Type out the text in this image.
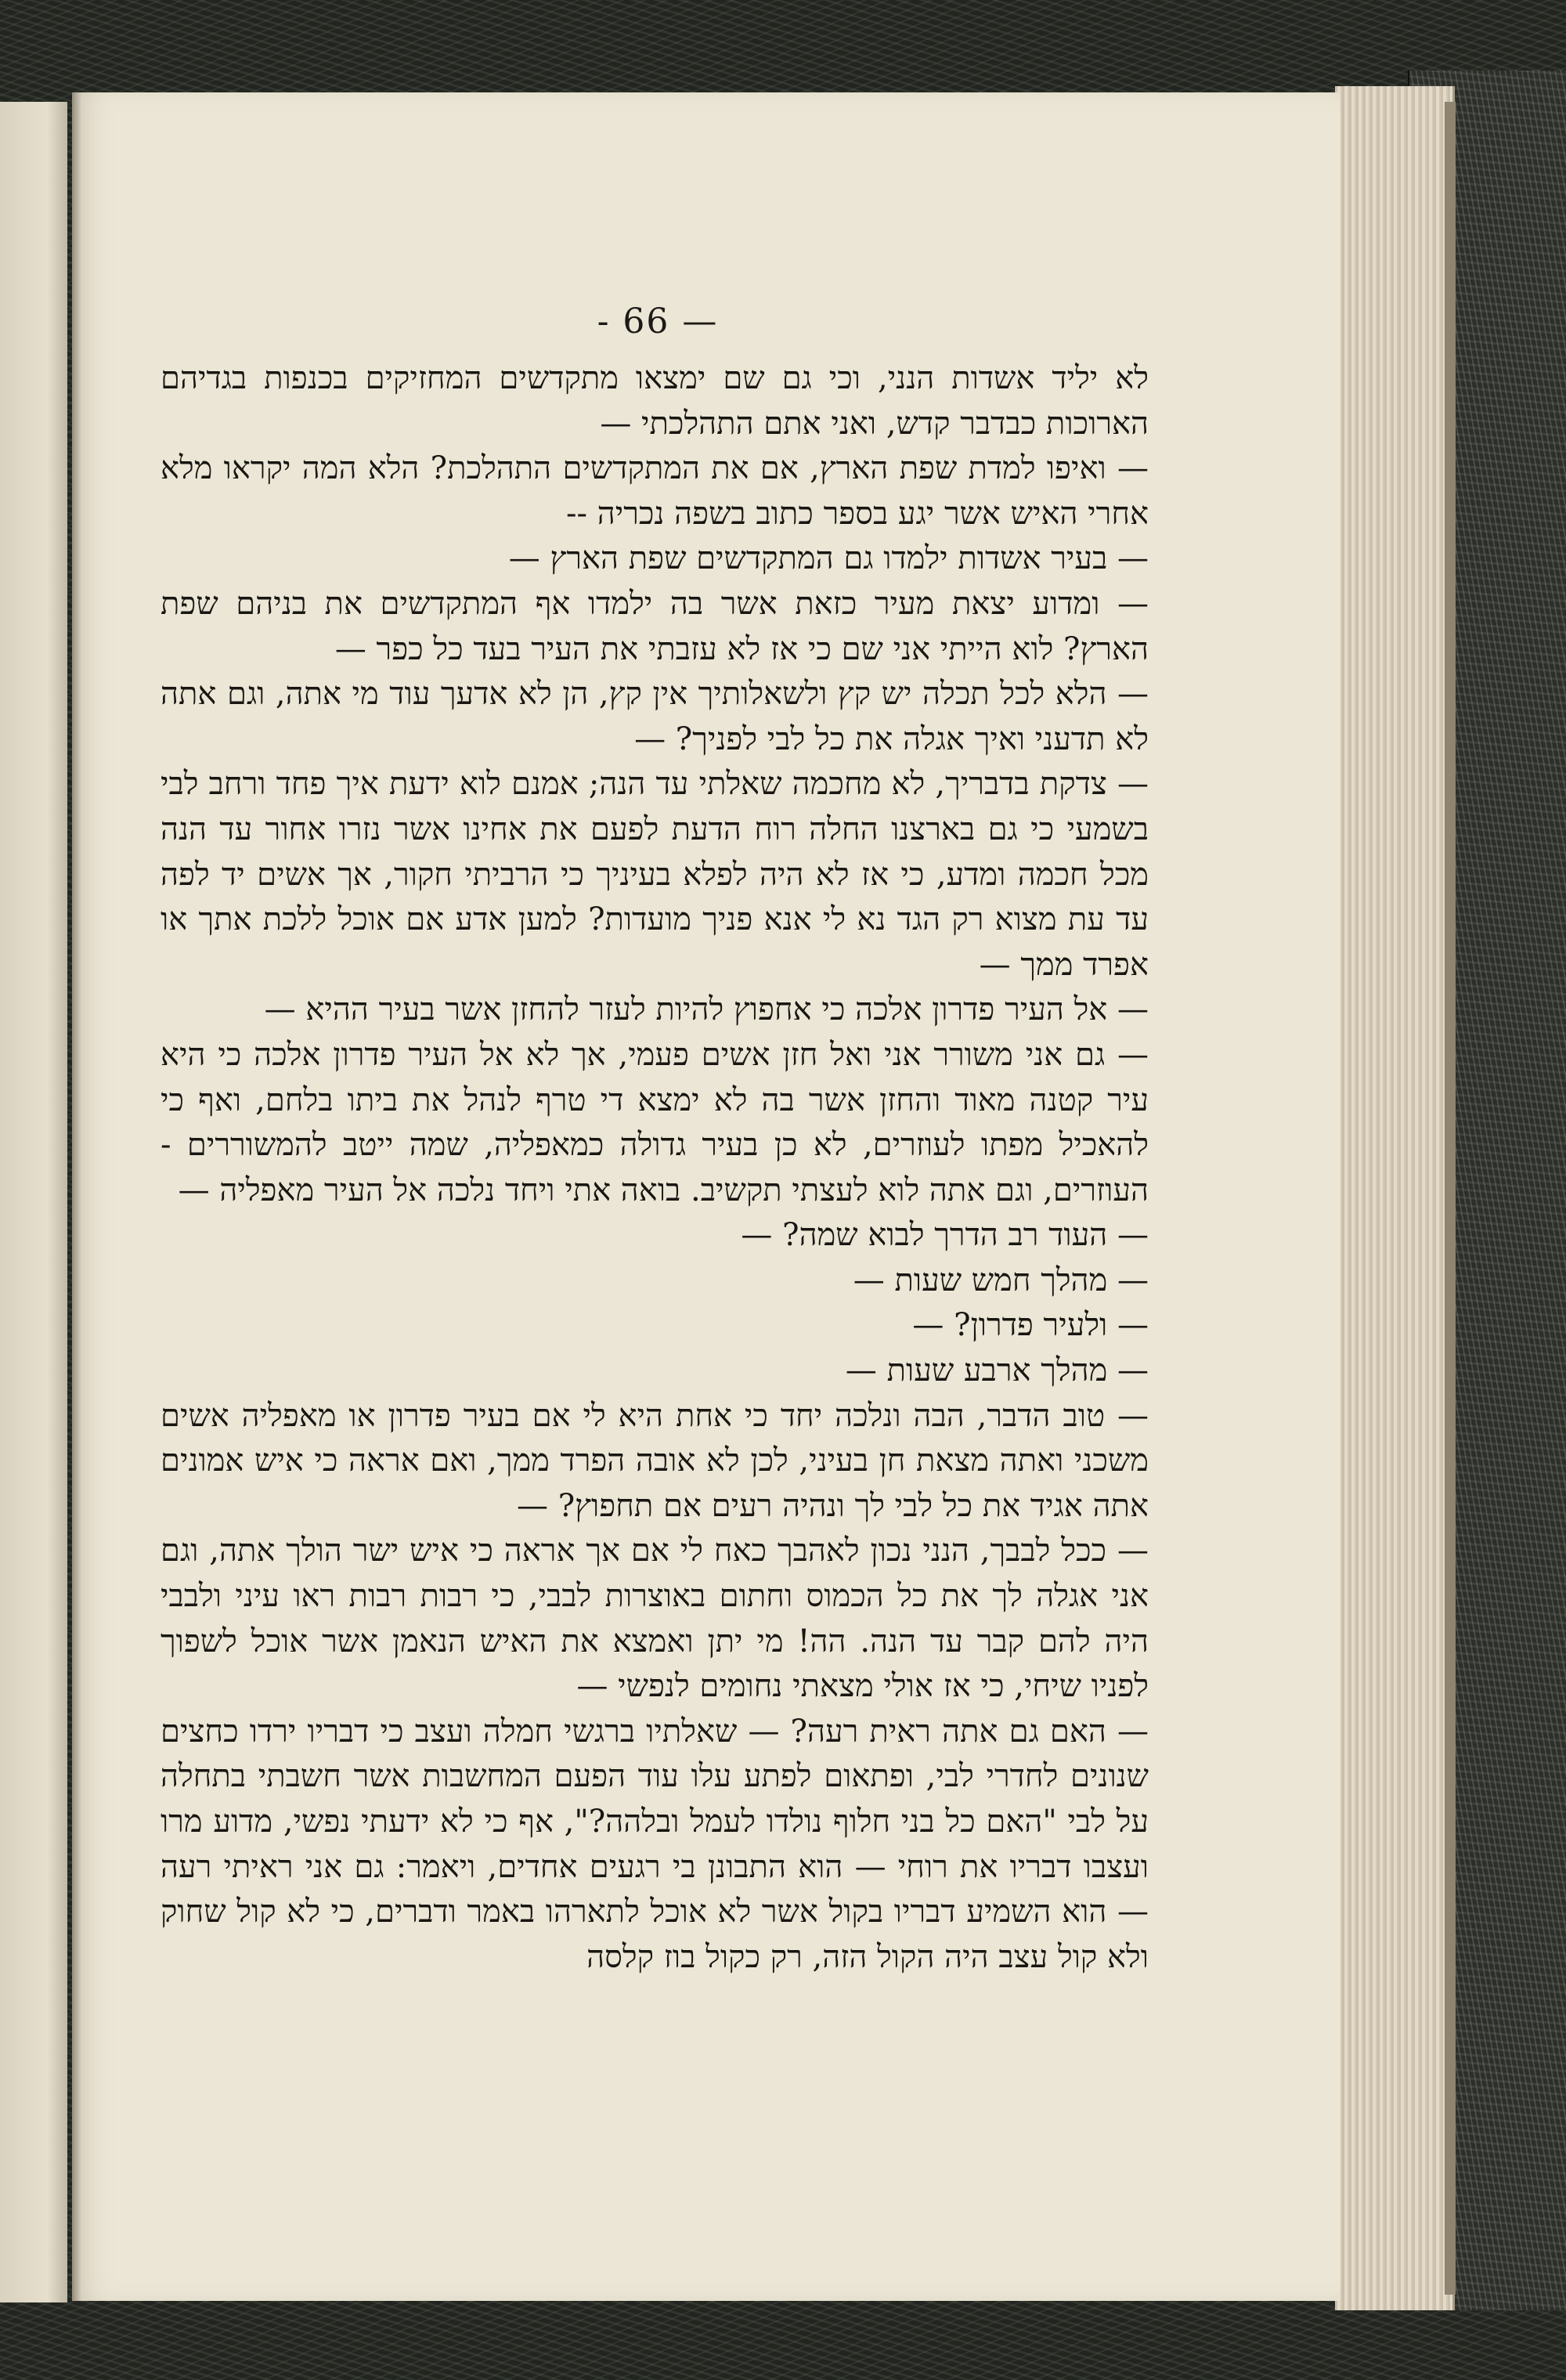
- 66 —

לא יליד אשדות הנני, וכי גם שם ימצאו מתקדשים המחזיקים בכנפות בגדיהם הארוכות כבדבר קדש, ואני אתם התהלכתי —

— ואיפו למדת שפת הארץ, אם את המתקדשים התהלכת? הלא המה יקראו מלא אחרי האיש אשר יגע בספר כתוב בשפה נכריה --

— בעיר אשדות ילמדו גם המתקדשים שפת הארץ —

— ומדוע יצאת מעיר כזאת אשר בה ילמדו אף המתקדשים את בניהם שפת הארץ? לוא הייתי אני שם כי אז לא עזבתי את העיר בעד כל כפר —

— הלא לכל תכלה יש קץ ולשאלותיך אין קץ, הן לא אדעך עוד מי אתה, וגם אתה לא תדעני ואיך אגלה את כל לבי לפניך? —

— צדקת בדבריך, לא מחכמה שאלתי עד הנה; אמנם לוא ידעת איך פחד ורחב לבי בשמעי כי גם בארצנו החלה רוח הדעת לפעם את אחינו אשר נזרו אחור עד הנה מכל חכמה ומדע, כי אז לא היה לפלא בעיניך כי הרביתי חקור, אך אשים יד לפה עד עת מצוא רק הגד נא לי אנא פניך מועדות? למען אדע אם אוכל ללכת אתך או אפרד ממך —

— אל העיר פדרון אלכה כי אחפוץ להיות לעזר להחזן אשר בעיר ההיא —

— גם אני משורר אני ואל חזן אשים פעמי, אך לא אל העיר פדרון אלכה כי היא עיר קטנה מאוד והחזן אשר בה לא ימצא די טרף לנהל את ביתו בלחם, ואף כי להאכיל מפתו לעוזרים, לא כן בעיר גדולה כמאפליה, שמה ייטב להמשוררים - העוזרים, וגם אתה לוא לעצתי תקשיב. בואה אתי ויחד נלכה אל העיר מאפליה —

— העוד רב הדרך לבוא שמה? —

— מהלך חמש שעות —

— ולעיר פדרון? —

— מהלך ארבע שעות —

— טוב הדבר, הבה ונלכה יחד כי אחת היא לי אם בעיר פדרון או מאפליה אשים משכני ואתה מצאת חן בעיני, לכן לא אובה הפרד ממך, ואם אראה כי איש אמונים אתה אגיד את כל לבי לך ונהיה רעים אם תחפוץ? —

— ככל לבבך, הנני נכון לאהבך כאח לי אם אך אראה כי איש ישר הולך אתה, וגם אני אגלה לך את כל הכמוס וחתום באוצרות לבבי, כי רבות רבות ראו עיני ולבבי היה להם קבר עד הנה. הה! מי יתן ואמצא את האיש הנאמן אשר אוכל לשפוך לפניו שיחי, כי אז אולי מצאתי נחומים לנפשי —

— האם גם אתה ראית רעה? — שאלתיו ברגשי חמלה ועצב כי דבריו ירדו כחצים שנונים לחדרי לבי, ופתאום לפתע עלו עוד הפעם המחשבות אשר חשבתי בתחלה על לבי "האם כל בני חלוף נולדו לעמל ובלהה?", אף כי לא ידעתי נפשי, מדוע מרו ועצבו דבריו את רוחי — הוא התבונן בי רגעים אחדים, ויאמר: גם אני ראיתי רעה — הוא השמיע דבריו בקול אשר לא אוכל לתארהו באמר ודברים, כי לא קול שחוק ולא קול עצב היה הקול הזה, רק כקול בוז קלסה
